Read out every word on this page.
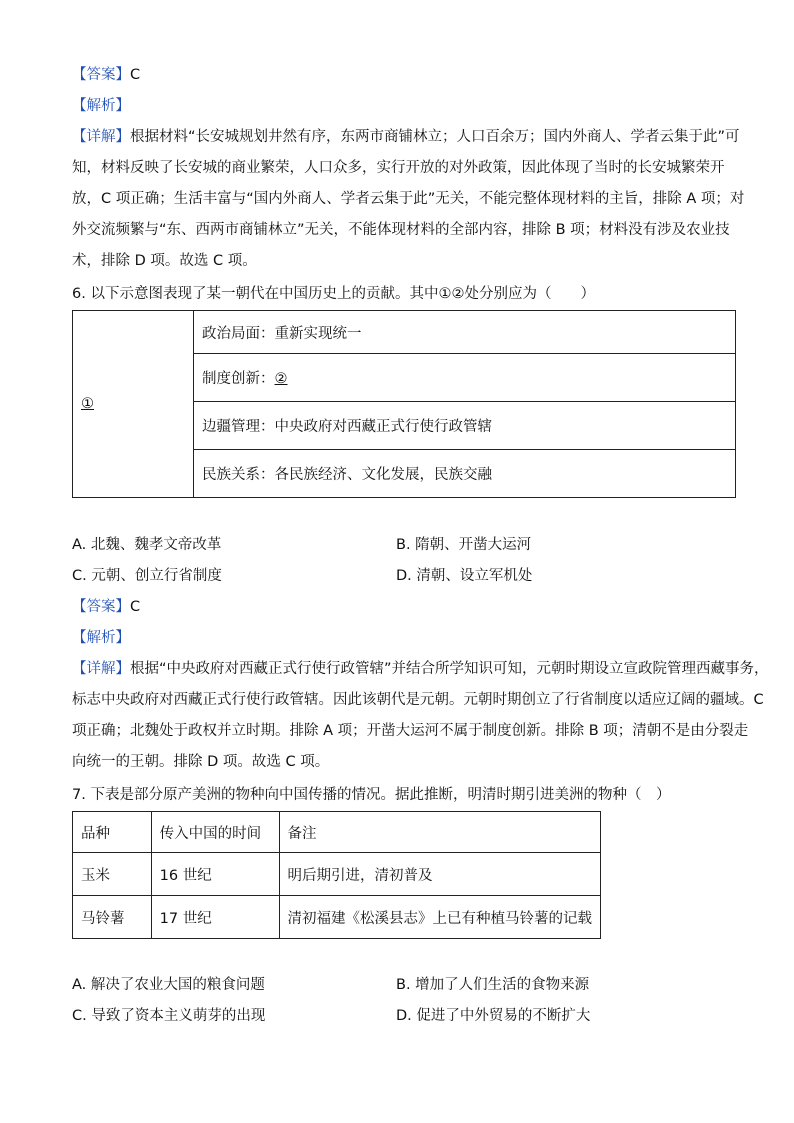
【答案】C

【解析】

【详解】根据材料“长安城规划井然有序，东两市商铺林立；人口百余万；国内外商人、学者云集于此”可

知，材料反映了长安城的商业繁荣，人口众多，实行开放的对外政策，因此体现了当时的长安城繁荣开

放，C 项正确；生活丰富与“国内外商人、学者云集于此”无关，不能完整体现材料的主旨，排除 A 项；对

外交流频繁与“东、西两市商铺林立”无关，不能体现材料的全部内容，排除 B 项；材料没有涉及农业技

术，排除 D 项。故选 C 项。

6. 以下示意图表现了某一朝代在中国历史上的贡献。其中①②处分别应为（　　）

①	政治局面：重新实现统一
制度创新：②
边疆管理：中央政府对西藏正式行使行政管辖
民族关系：各民族经济、文化发展，民族交融
A. 北魏、魏孝文帝改革	B. 隋朝、开凿大运河
C. 元朝、创立行省制度	D. 清朝、设立军机处

【答案】C

【解析】

【详解】根据“中央政府对西藏正式行使行政管辖”并结合所学知识可知，元朝时期设立宣政院管理西藏事务，

标志中央政府对西藏正式行使行政管辖。因此该朝代是元朝。元朝时期创立了行省制度以适应辽阔的疆域。C

项正确；北魏处于政权并立时期。排除 A 项；开凿大运河不属于制度创新。排除 B 项；清朝不是由分裂走

向统一的王朝。排除 D 项。故选 C 项。

7. 下表是部分原产美洲的物种向中国传播的情况。据此推断，明清时期引进美洲的物种（　）

品种	传入中国的时间	备注
玉米	16 世纪	明后期引进，清初普及
马铃薯	17 世纪	清初福建《松溪县志》上已有种植马铃薯的记载
A. 解决了农业大国的粮食问题	B. 增加了人们生活的食物来源
C. 导致了资本主义萌芽的出现	D. 促进了中外贸易的不断扩大
